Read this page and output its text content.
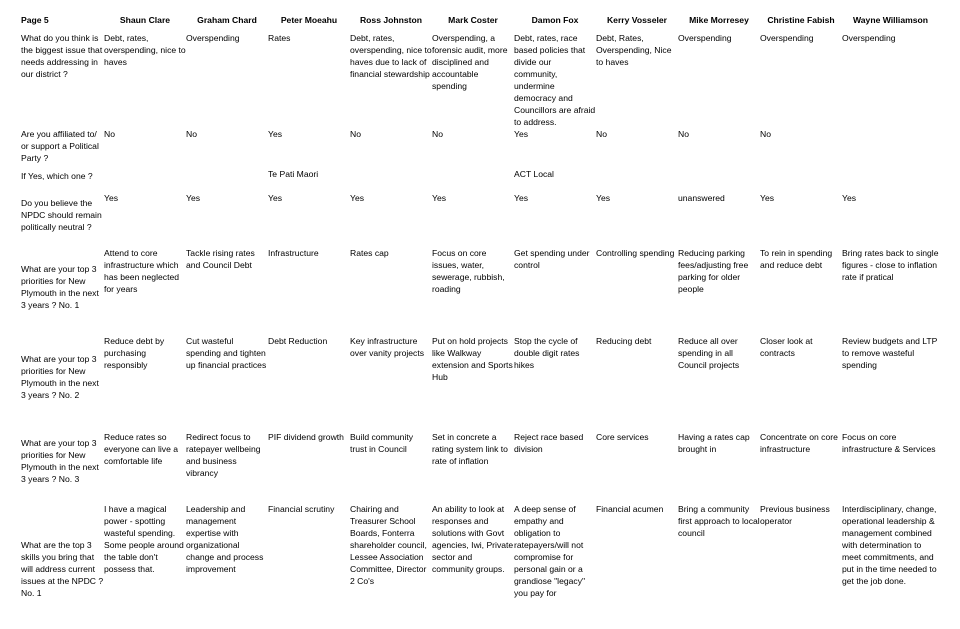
Page 5	Shaun Clare	Graham Chard	Peter Moeahu	Ross Johnston	Mark Coster	Damon Fox	Kerry Vosseler	Mike Morresey	Christine Fabish	Wayne Williamson
What do you think is the biggest issue that needs addressing in our district ?	Debt, rates, overspending, nice to haves	Overspending	Rates	Debt, rates, overspending, nice to haves due to lack of financial stewardship	Overspending, a forensic audit, more disciplined and accountable spending	Debt, rates, race based policies that divide our community, undermine democracy and Councillors are afraid to address.	Debt, Rates, Overspending, Nice to haves	Overspending	Overspending	Overspending
Are you affiliated to/ or support a Political Party ?	No	No	Yes	No	No	Yes	No	No	No	
If Yes, which one ?			Te Pati Maori			ACT Local				
Do you believe the NPDC should remain politically neutral ?	Yes	Yes	Yes	Yes	Yes	Yes	Yes	unanswered	Yes	Yes
What are your top 3 priorities for New Plymouth in the next 3 years ? No. 1	Attend to core infrastructure which has been neglected for years	Tackle rising rates and Council Debt	Infrastructure	Rates cap	Focus on core issues, water, sewerage, rubbish, roading	Get spending under control	Controlling spending	Reducing parking fees/adjusting free parking for older people	To rein in spending and reduce debt	Bring rates back to single figures - close to inflation rate if pratical
What are your top 3 priorities for New Plymouth in the next 3 years ? No. 2	Reduce debt by purchasing responsibly	Cut wasteful spending and tighten up financial practices	Debt Reduction	Key infrastructure over vanity projects	Put on hold projects like Walkway extension and Sports Hub	Stop the cycle of double digit rates hikes	Reducing debt	Reduce all over spending in all Council projects	Closer look at contracts	Review budgets and LTP to remove wasteful spending
What are your top 3 priorities for New Plymouth in the next 3 years ? No. 3	Reduce rates so everyone can live a comfortable life	Redirect focus to ratepayer wellbeing and business vibrancy	PIF dividend growth	Build community trust in Council	Set in concrete a rating system link to rate of inflation	Reject race based division	Core services	Having a rates cap brought in	Concentrate on core infrastructure	Focus on core infrastructure & Services
What are the top 3 skills you bring that will address current issues at the NPDC ? No. 1	I have a magical power - spotting wasteful spending. Some people around the table don't possess that.	Leadership and management expertise with organizational change and process improvement	Financial scrutiny	Chairing and Treasurer School Boards, Fonterra shareholder council, Lessee Association Committee, Director 2 Co's	An ability to look at responses and solutions with Govt agencies, Iwi, Private sector and community groups.	A deep sense of empathy and obligation to ratepayers/will not compromise for personal gain or a grandiose "legacy" you pay for	Financial acumen	Bring a community first approach to local council	Previous business operator	Interdisciplinary, change, operational leadership & management combined with determination to meet commitments, and put in the time needed to get the job done.
